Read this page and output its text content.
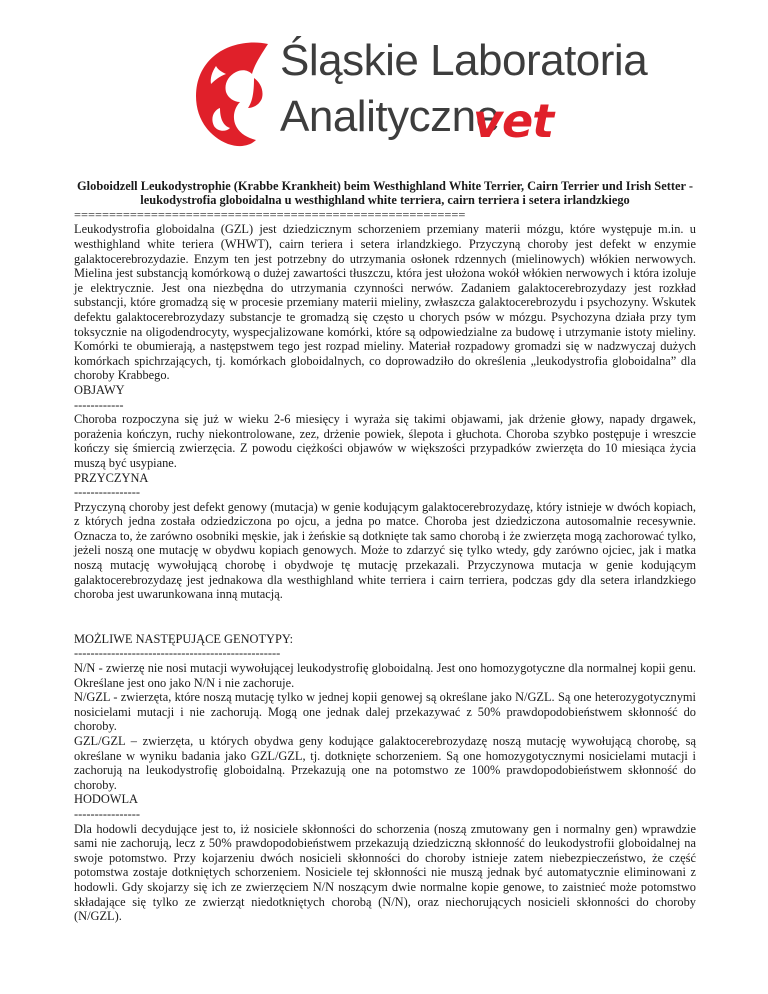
Śląskie Laboratoria
Analityczne
vet

Globoidzell Leukodystrophie (Krabbe Krankheit) beim Westhighland White Terrier, Cairn Terrier und Irish Setter - leukodystrofia globoidalna u westhighland white terriera, cairn terriera i setera irlandzkiego

========================================================

Leukodystrofia globoidalna (GZL) jest dziedzicznym schorzeniem przemiany materii mózgu, które występuje m.in. u westhighland white teriera (WHWT), cairn teriera i setera irlandzkiego. Przyczyną choroby jest defekt w enzymie galaktocerebrozydazie. Enzym ten jest potrzebny do utrzymania osłonek rdzennych (mielinowych) włókien nerwowych. Mielina jest substancją komórkową o dużej zawartości tłuszczu, która jest ułożona wokół włókien nerwowych i która izoluje je elektrycznie. Jest ona niezbędna do utrzymania czynności nerwów. Zadaniem galaktocerebrozydazy jest rozkład substancji, które gromadzą się w procesie przemiany materii mieliny, zwłaszcza galaktocerebrozydu i psychozyny. Wskutek defektu galaktocerebrozydazy substancje te gromadzą się często u chorych psów w mózgu. Psychozyna działa przy tym toksycznie na oligodendrocyty, wyspecjalizowane komórki, które są odpowiedzialne za budowę i utrzymanie istoty mieliny. Komórki te obumierają, a następstwem tego jest rozpad mieliny. Materiał rozpadowy gromadzi się w nadzwyczaj dużych komórkach spichrzających, tj. komórkach globoidalnych, co doprowadziło do określenia „leukodystrofia globoidalna” dla choroby Krabbego.

OBJAWY

------------

Choroba rozpoczyna się już w wieku 2-6 miesięcy i wyraża się takimi objawami, jak drżenie głowy, napady drgawek, porażenia kończyn, ruchy niekontrolowane, zez, drżenie powiek, ślepota i głuchota. Choroba szybko postępuje i wreszcie kończy się śmiercią zwierzęcia. Z powodu ciężkości objawów w większości przypadków zwierzęta do 10 miesiąca życia muszą być usypiane.

PRZYCZYNA

----------------

Przyczyną choroby jest defekt genowy (mutacja) w genie kodującym galaktocerebrozydazę, który istnieje w dwóch kopiach, z których jedna została odziedziczona po ojcu, a jedna po matce. Choroba jest dziedziczona autosomalnie recesywnie. Oznacza to, że zarówno osobniki męskie, jak i żeńskie są dotknięte tak samo chorobą i że zwierzęta mogą zachorować tylko, jeżeli noszą one mutację w obydwu kopiach genowych. Może to zdarzyć się tylko wtedy, gdy zarówno ojciec, jak i matka noszą mutację wywołującą chorobę i obydwoje tę mutację przekazali. Przyczynowa mutacja w genie kodującym galaktocerebrozydazę jest jednakowa dla westhighland white terriera i cairn terriera, podczas gdy dla setera irlandzkiego choroba jest uwarunkowana inną mutacją.

MOŻLIWE NASTĘPUJĄCE GENOTYPY:

--------------------------------------------------

N/N - zwierzę nie nosi mutacji wywołującej leukodystrofię globoidalną. Jest ono homozygotyczne dla normalnej kopii genu. Określane jest ono jako N/N i nie zachoruje.

N/GZL - zwierzęta, które noszą mutację tylko w jednej kopii genowej są określane jako N/GZL. Są one heterozygotycznymi nosicielami mutacji i nie zachorują. Mogą one jednak dalej przekazywać z 50% prawdopodobieństwem skłonność do choroby.

GZL/GZL – zwierzęta, u których obydwa geny kodujące galaktocerebrozydazę noszą mutację wywołującą chorobę, są określane w wyniku badania jako GZL/GZL, tj. dotknięte schorzeniem. Są one homozygotycznymi nosicielami mutacji i zachorują na leukodystrofię globoidalną. Przekazują one na potomstwo ze 100% prawdopodobieństwem skłonność do choroby.

HODOWLA

----------------

Dla hodowli decydujące jest to, iż nosiciele skłonności do schorzenia (noszą zmutowany gen i normalny gen) wprawdzie sami nie zachorują, lecz z 50% prawdopodobieństwem przekazują dziedziczną skłonność do leukodystrofii globoidalnej na swoje potomstwo. Przy kojarzeniu dwóch nosicieli skłonności do choroby istnieje zatem niebezpieczeństwo, że część potomstwa zostaje dotkniętych schorzeniem. Nosiciele tej skłonności nie muszą jednak być automatycznie eliminowani z hodowli. Gdy skojarzy się ich ze zwierzęciem N/N noszącym dwie normalne kopie genowe, to zaistnieć może potomstwo składające się tylko ze zwierząt niedotkniętych chorobą (N/N), oraz niechorujących nosicieli skłonności do choroby (N/GZL).
